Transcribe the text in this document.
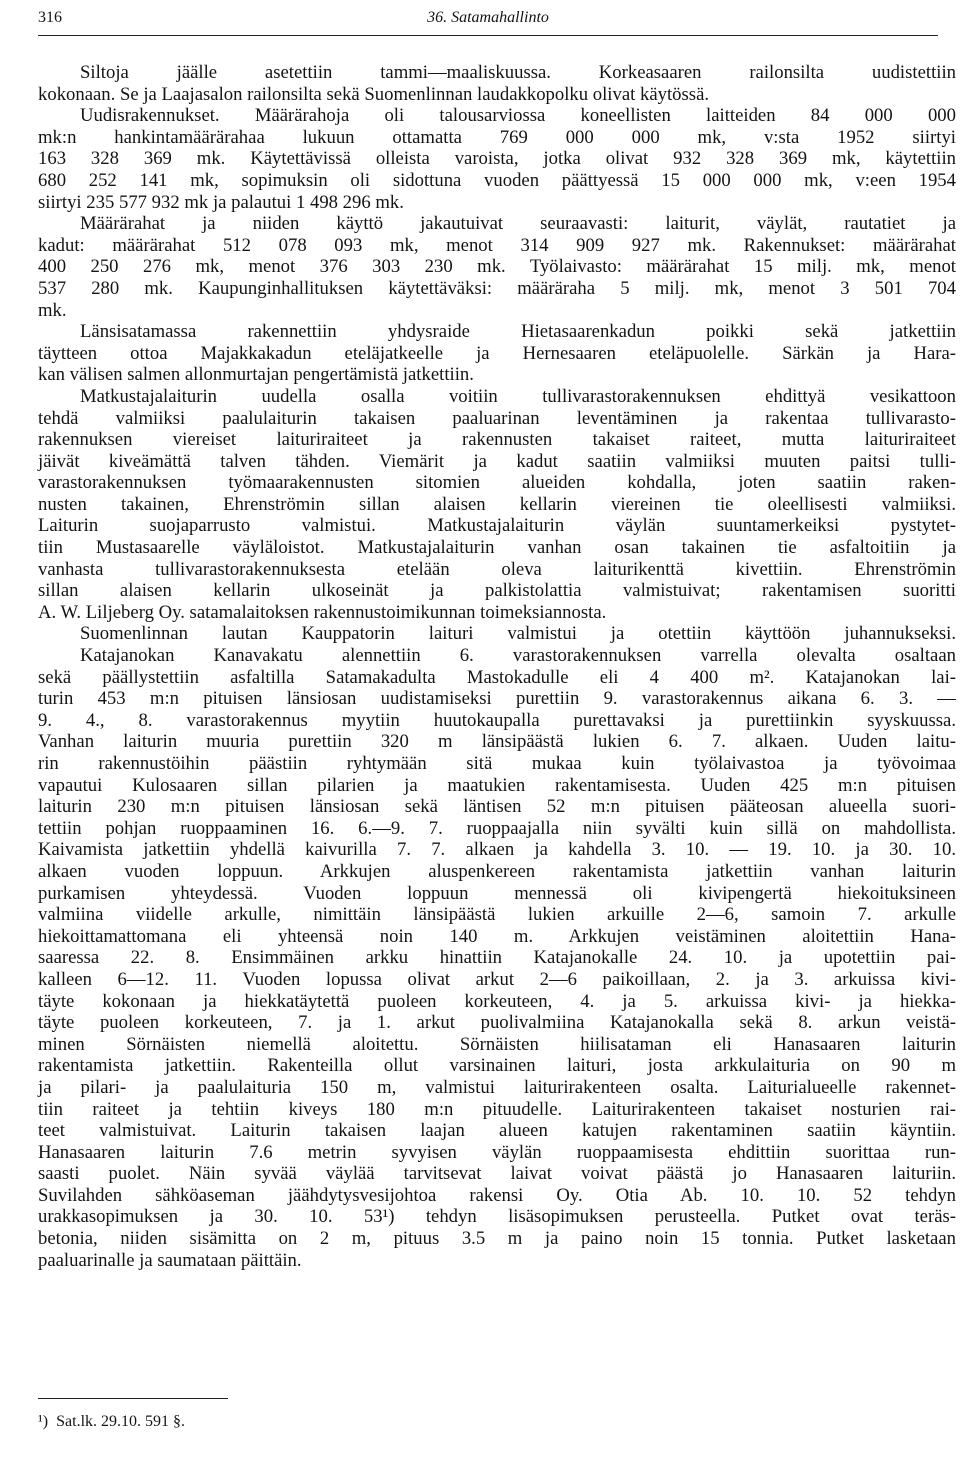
316	36. Satamahallinto
Siltoja jäälle asetettiin tammi—maaliskuussa. Korkeasaaren railonsilta uudistettiin
kokonaan. Se ja Laajasalon railonsilta sekä Suomenlinnan laudakkopolku olivat käytössä.
Uudisrakennukset. Määrärahoja oli talousarviossa koneellisten laitteiden 84 000 000
mk:n hankintamäärärahaa lukuun ottamatta 769 000 000 mk, v:sta 1952 siirtyi
163 328 369 mk. Käytettävissä olleista varoista, jotka olivat 932 328 369 mk, käytettiin
680 252 141 mk, sopimuksin oli sidottuna vuoden päättyessä 15 000 000 mk, v:een 1954
siirtyi 235 577 932 mk ja palautui 1 498 296 mk.
Määrärahat ja niiden käyttö jakautuivat seuraavasti: laiturit, väylät, rautatiet ja
kadut: määrärahat 512 078 093 mk, menot 314 909 927 mk. Rakennukset: määrärahat
400 250 276 mk, menot 376 303 230 mk. Työlaivasto: määrärahat 15 milj. mk, menot
537 280 mk. Kaupunginhallituksen käytettäväksi: määräraha 5 milj. mk, menot 3 501 704
mk.
Länsisatamassa rakennettiin yhdysraide Hietasaarenkadun poikki sekä jatkettiin
täytteen ottoa Majakkakadun eteläjatkeelle ja Hernesaaren eteläpuolelle. Särkän ja Hara-
kan välisen salmen allonmurtajan pengertämistä jatkettiin.
Matkustajalaiturin uudella osalla voitiin tullivarastorakennuksen ehdittyä vesikattoon
tehdä valmiiksi paalulaiturin takaisen paaluarinan leventäminen ja rakentaa tullivarasto-
rakennuksen viereiset laituriraiteet ja rakennusten takaiset raiteet, mutta laituriraiteet
jäivät kiveämättä talven tähden. Viemärit ja kadut saatiin valmiiksi muuten paitsi tulli-
varastorakennuksen työmaarakennusten sitomien alueiden kohdalla, joten saatiin raken-
nusten takainen, Ehrenströmin sillan alaisen kellarin viereinen tie oleellisesti valmiiksi.
Laiturin suojaparrusto valmistui. Matkustajalaiturin väylän suuntamerkeiksi pystytet-
tiin Mustasaarelle väyläloistot. Matkustajalaiturin vanhan osan takainen tie asfaltoitiin ja
vanhasta tullivarastorakennuksesta etelään oleva laiturikenttä kivettiin. Ehrenströmin
sillan alaisen kellarin ulkoseinät ja palkistolattia valmistuivat; rakentamisen suoritti
A. W. Liljeberg Oy. satamalaitoksen rakennustoimikunnan toimeksiannosta.
Suomenlinnan lautan Kauppatorin laituri valmistui ja otettiin käyttöön juhannukseksi.
Katajanokan Kanavakatu alennettiin 6. varastorakennuksen varrella olevalta osaltaan
sekä päällystettiin asfaltilla Satamakadulta Mastokadulle eli 4 400 m². Katajanokan lai-
turin 453 m:n pituisen länsiosan uudistamiseksi purettiin 9. varastorakennus aikana 6. 3. —
9. 4., 8. varastorakennus myytiin huutokaupalla purettavaksi ja purettiinkin syyskuussa.
Vanhan laiturin muuria purettiin 320 m länsipäästä lukien 6. 7. alkaen. Uuden laitu-
rin rakennustöihin päästiin ryhtymään sitä mukaa kuin työlaivastoa ja työvoimaa
vapautui Kulosaaren sillan pilarien ja maatukien rakentamisesta. Uuden 425 m:n pituisen
laiturin 230 m:n pituisen länsiosan sekä läntisen 52 m:n pituisen pääteosan alueella suori-
tettiin pohjan ruoppaaminen 16. 6.—9. 7. ruoppaajalla niin syvälti kuin sillä on mahdollista.
Kaivamista jatkettiin yhdellä kaivurilla 7. 7. alkaen ja kahdella 3. 10. — 19. 10. ja 30. 10.
alkaen vuoden loppuun. Arkkujen aluspenkereen rakentamista jatkettiin vanhan laiturin
purkamisen yhteydessä. Vuoden loppuun mennessä oli kivipengertä hiekoituksineen
valmiina viidelle arkulle, nimittäin länsipäästä lukien arkuille 2—6, samoin 7. arkulle
hiekoittamattomana eli yhteensä noin 140 m. Arkkujen veistäminen aloitettiin Hana-
saaressa 22. 8. Ensimmäinen arkku hinattiin Katajanokalle 24. 10. ja upotettiin pai-
kalleen 6—12. 11. Vuoden lopussa olivat arkut 2—6 paikoillaan, 2. ja 3. arkuissa kivi-
täyte kokonaan ja hiekkatäytettä puoleen korkeuteen, 4. ja 5. arkuissa kivi- ja hiekka-
täyte puoleen korkeuteen, 7. ja 1. arkut puolivalmiina Katajanokalla sekä 8. arkun veistä-
minen Sörnäisten niemellä aloitettu. Sörnäisten hiilisataman eli Hanasaaren laiturin
rakentamista jatkettiin. Rakenteilla ollut varsinainen laituri, josta arkkulaituria on 90 m
ja pilari- ja paalulaituria 150 m, valmistui laiturirakenteen osalta. Laiturialueelle rakennet-
tiin raiteet ja tehtiin kiveys 180 m:n pituudelle. Laiturirakenteen takaiset nosturien rai-
teet valmistuivat. Laiturin takaisen laajan alueen katujen rakentaminen saatiin käyntiin.
Hanasaaren laiturin 7.6 metrin syvyisen väylän ruoppaamisesta ehdittiin suorittaa run-
saasti puolet. Näin syvää väylää tarvitsevat laivat voivat päästä jo Hanasaaren laituriin.
Suvilahden sähköaseman jäähdytysvesijohtoa rakensi Oy. Otia Ab. 10. 10. 52 tehdyn
urakkasopimuksen ja 30. 10. 53¹) tehdyn lisäsopimuksen perusteella. Putket ovat teräs-
betonia, niiden sisämitta on 2 m, pituus 3.5 m ja paino noin 15 tonnia. Putket lasketaan
paaluarinalle ja saumataan päittäin.
¹) Sat.lk. 29.10. 591 §.
